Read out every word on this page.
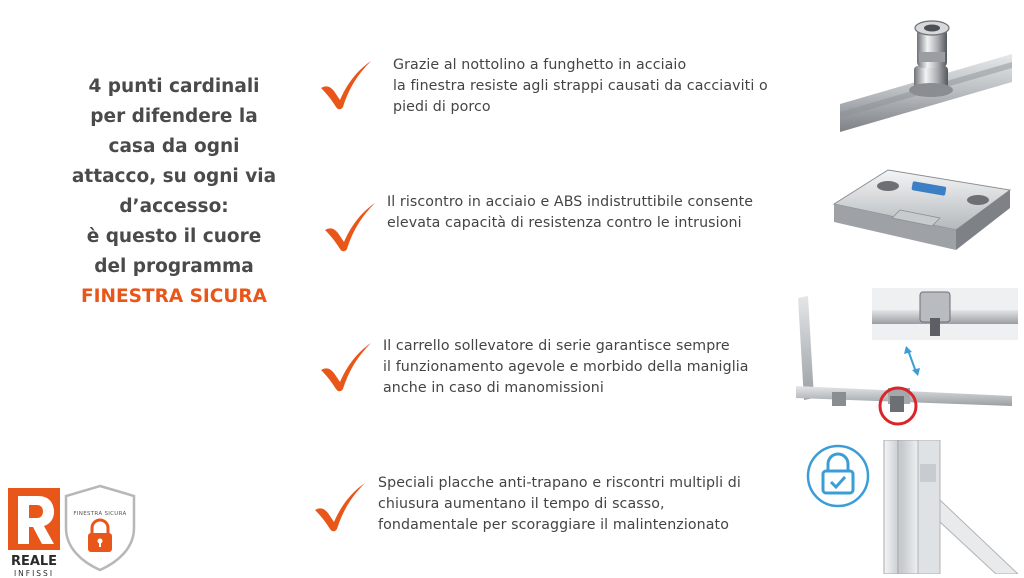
4 punti cardinali
per difendere la
casa da ogni
attacco, su ogni via
d’accesso:
è questo il cuore
del programma
FINESTRA SICURA
Grazie al nottolino a funghetto in acciaio
la finestra resiste agli strappi causati da cacciaviti o
piedi di porco
Il riscontro in acciaio e ABS indistruttibile consente
elevata capacità di resistenza contro le intrusioni
Il carrello sollevatore di serie garantisce sempre
il funzionamento agevole e morbido della maniglia
anche in caso di manomissioni
Speciali placche anti-trapano e riscontri multipli di
chiusura aumentano il tempo di scasso,
fondamentale per scoraggiare il malintenzionato
REALE
INFISSI
FINESTRA SICURA
